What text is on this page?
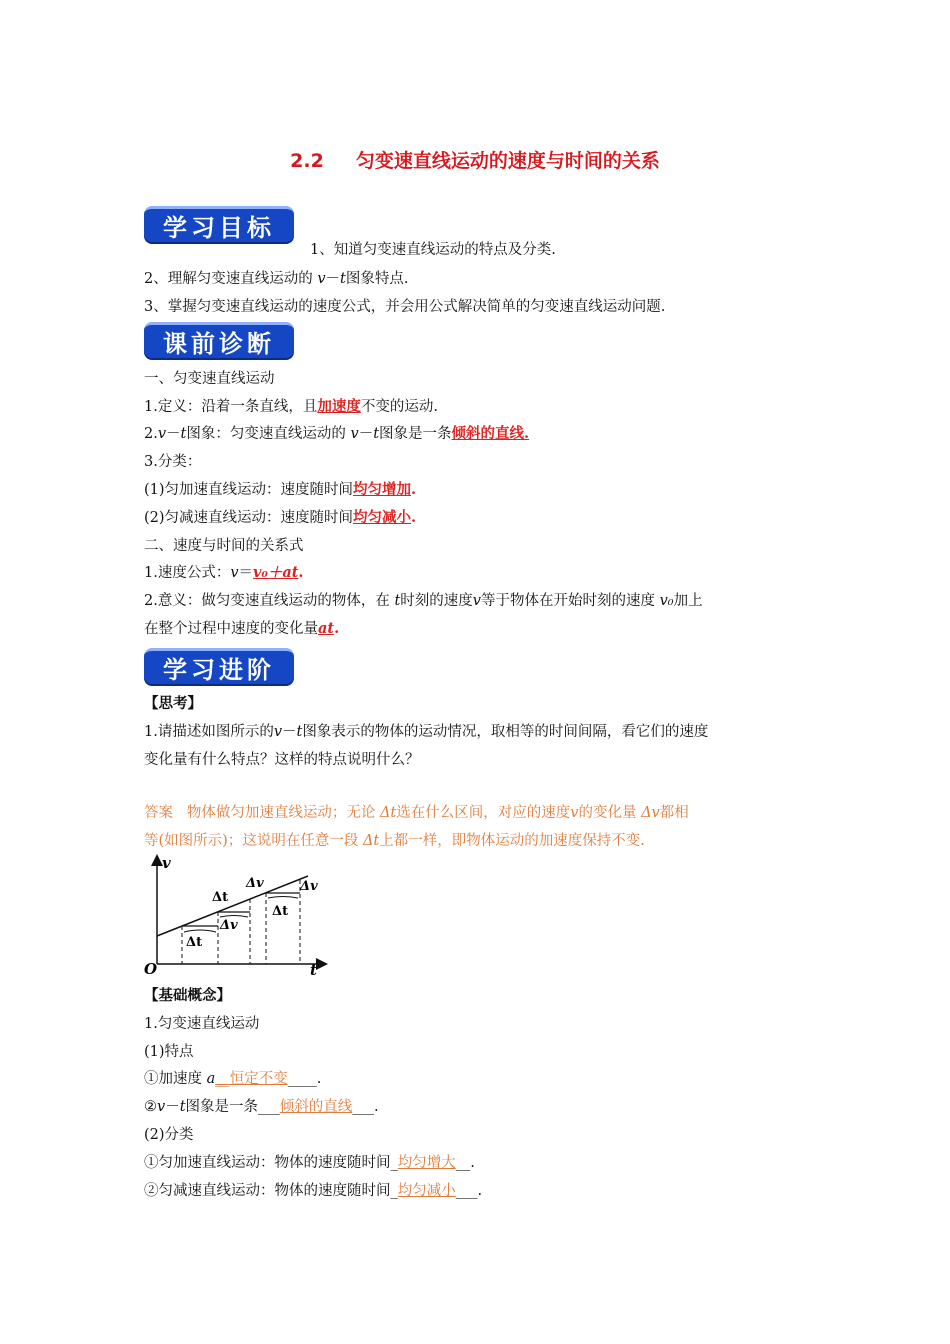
2.2 匀变速直线运动的速度与时间的关系
学习目标
1、知道匀变速直线运动的特点及分类.
2、理解匀变速直线运动的 v－t图象特点.
3、掌握匀变速直线运动的速度公式，并会用公式解决简单的匀变速直线运动问题.
课前诊断
一、匀变速直线运动
1.定义：沿着一条直线，且加速度不变的运动.
2.v－t图象：匀变速直线运动的 v－t图象是一条倾斜的直线.
3.分类：
(1)匀加速直线运动：速度随时间均匀增加.
(2)匀减速直线运动：速度随时间均匀减小.
二、速度与时间的关系式
1.速度公式：v＝v₀＋at.
2.意义：做匀变速直线运动的物体，在 t时刻的速度v等于物体在开始时刻的速度 v₀加上
在整个过程中速度的变化量at.
学习进阶
【思考】
1.请描述如图所示的v－t图象表示的物体的运动情况，取相等的时间间隔，看它们的速度
变化量有什么特点？这样的特点说明什么？
答案 物体做匀加速直线运动；无论 Δt选在什么区间，对应的速度v的变化量 Δv都相
等(如图所示)；这说明在任意一段 Δt上都一样，即物体运动的加速度保持不变.
v
t
O
Δt
Δt
Δt
Δv
Δv	Δv
【基础概念】
1.匀变速直线运动
(1)特点
①加速度 a__恒定不变____.
②v－t图象是一条___倾斜的直线___.
(2)分类
①匀加速直线运动：物体的速度随时间_均匀增大__.
②匀减速直线运动：物体的速度随时间_均匀减小___.
